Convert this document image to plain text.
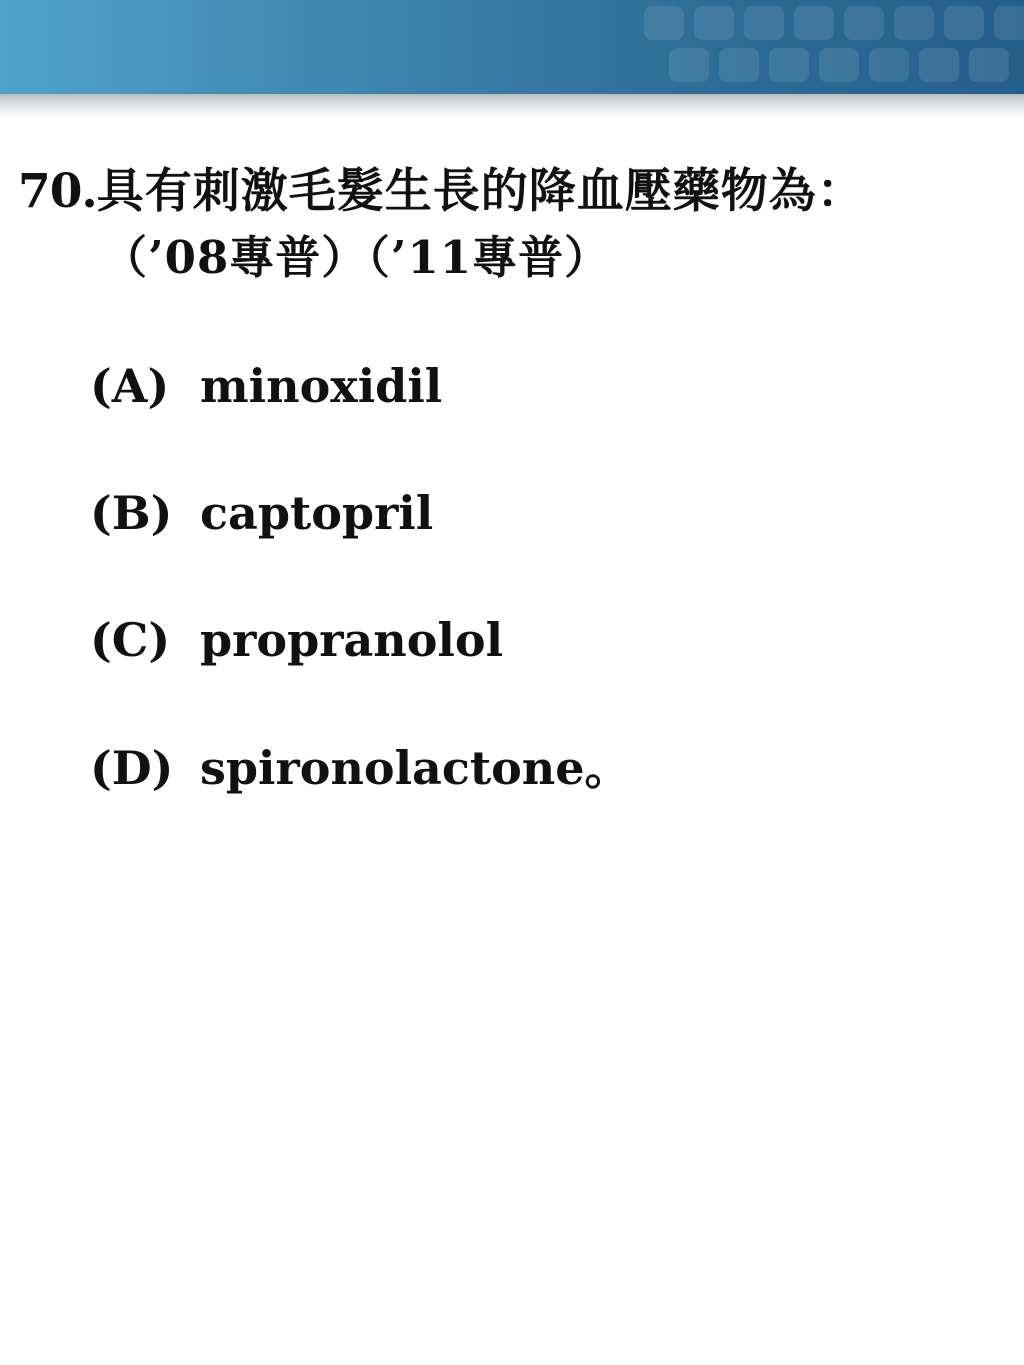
70.具有刺激毛髮生長的降血壓藥物為：
（’08專普）（’11專普）
(A) minoxidil
(B) captopril
(C) propranolol
(D) spironolactone。
